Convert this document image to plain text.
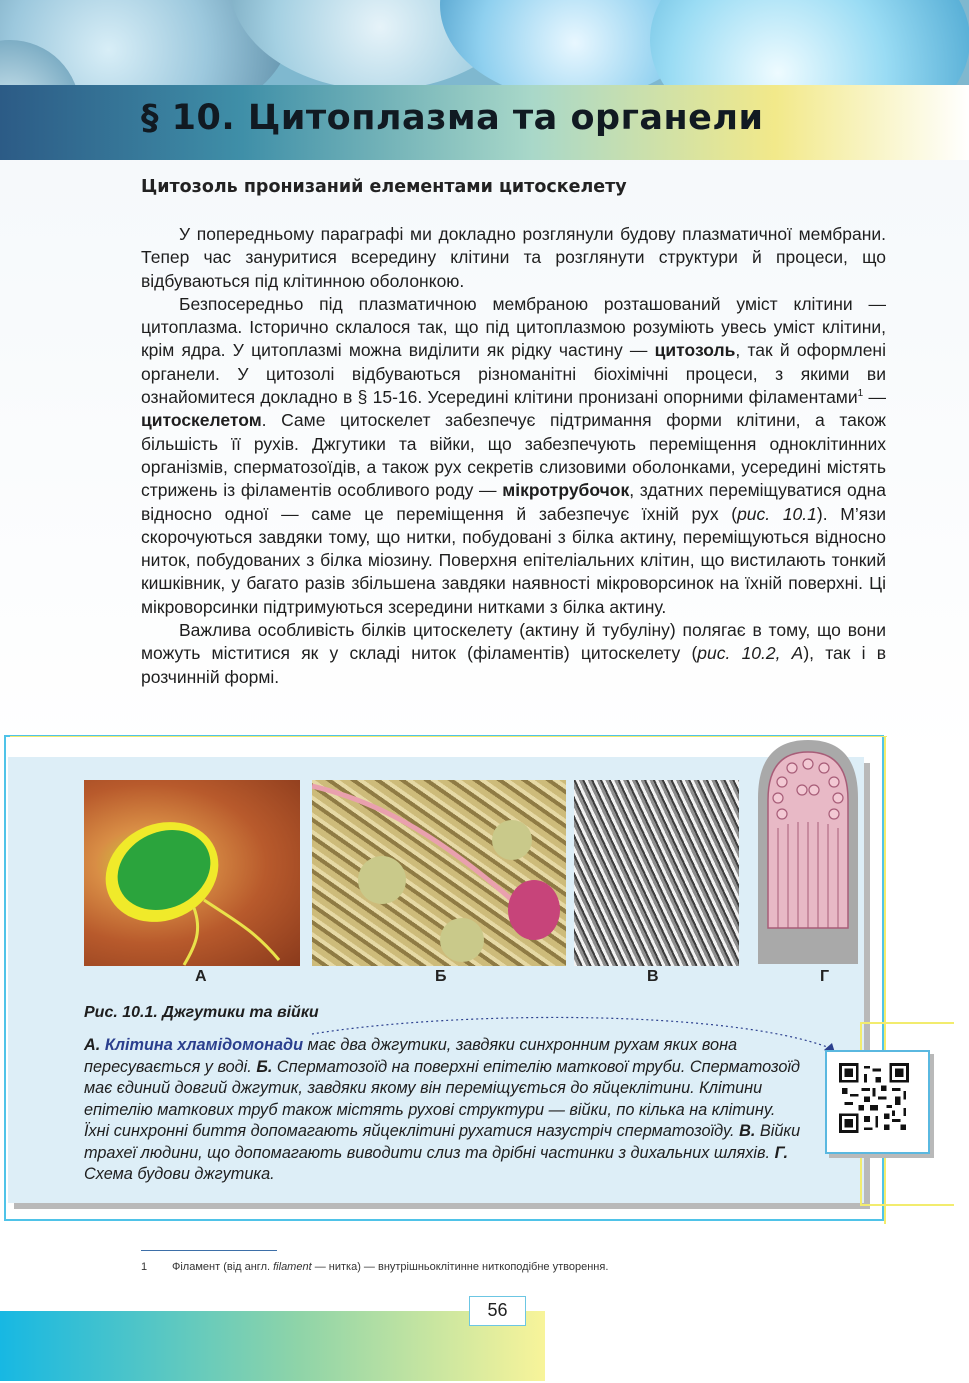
§ 10. Цитоплазма та органели
Цитозоль пронизаний елементами цитоскелету

У попередньому параграфі ми докладно розглянули будову плазматичної мембрани. Тепер час зануритися всередину клітини та розглянути структури й процеси, що відбуваються під клітинною оболонкою.

Безпосередньо під плазматичною мембраною розташований уміст клітини — цитоплазма. Історично склалося так, що під цитоплазмою розуміють увесь уміст клітини, крім ядра. У цитоплазмі можна виділити як рідку частину — цитозоль, так й оформлені органели. У цитозолі відбуваються різноманітні біохімічні процеси, з якими ви ознайомитеся докладно в § 15-16. Усередині клітини пронизані опорними філаментами$^1$ — цитоскелетом. Саме цитоскелет забезпечує підтримання форми клітини, а також більшість її рухів. Джгутики та війки, що забезпечують переміщення одноклітинних організмів, сперматозоїдів, а також рух секретів слизовими оболонками, усередині містять стрижень із філаментів особливого роду — мікротрубочок, здатних переміщуватися одна відносно одної — саме це переміщення й забезпечує їхній рух (рис. 10.1). М’язи скорочуються завдяки тому, що нитки, побудовані з білка актину, переміщуються відносно ниток, побудованих з білка міозину. Поверхня епітеліальних клітин, що вистилають тонкий кишківник, у багато разів збільшена завдяки наявності мікроворсинок на їхній поверхні. Ці мікроворсинки підтримуються зсередини нитками з білка актину.

Важлива особливість білків цитоскелету (актину й тубуліну) полягає в тому, що вони можуть міститися як у складі ниток (філаментів) цитоскелету (рис. 10.2, А), так і в розчинній формі.

А	Б	В	Г

Рис. 10.1. Джгутики та війки

А. Клітина хламідомонади має два джгутики, завдяки синхронним рухам яких вона пересувається у воді. Б. Сперматозоїд на поверхні епітелію маткової труби. Сперматозоїд має єдиний довгий джгутик, завдяки якому він переміщується до яйцеклітини. Клітини епітелію маткових труб також містять рухові структури — війки, по кілька на клітину. Їхні синхронні биття допомагають яйцеклітині рухатися назустріч сперматозоїду. В. Війки трахеї людини, що допомагають виводити слиз та дрібні частинки з дихальних шляхів. Г. Схема будови джгутика.
1 Філамент (від англ. filament — нитка) — внутрішньоклітинне ниткоподібне утворення.
56
